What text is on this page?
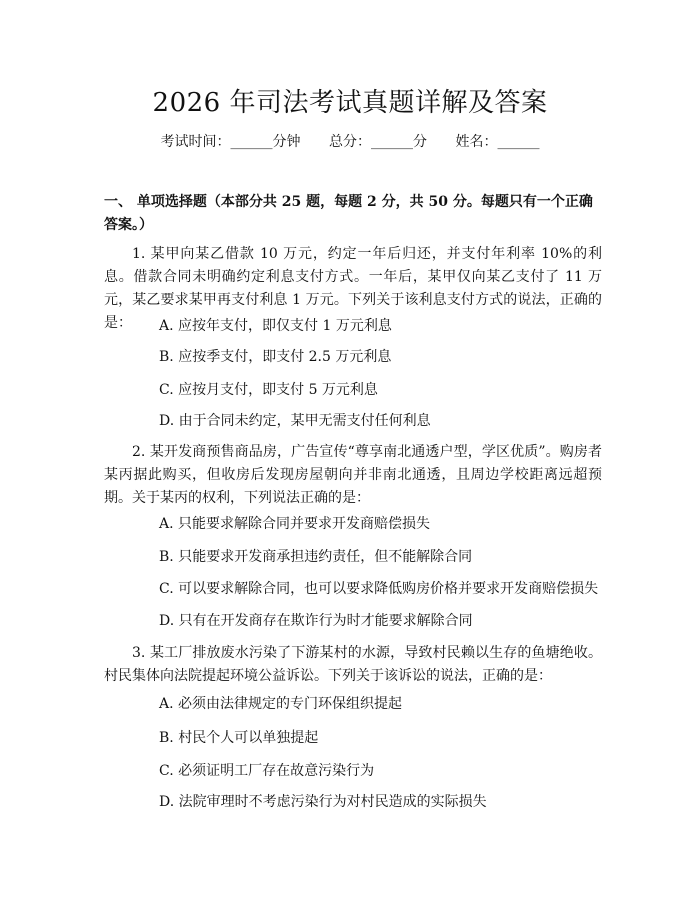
2026 年司法考试真题详解及答案
考试时间：______分钟 总分：______分 姓名：______
一、 单项选择题（本部分共 25 题，每题 2 分，共 50 分。每题只有一个正确答案。）
1. 某甲向某乙借款 10 万元，约定一年后归还，并支付年利率 10%的利息。借款合同未明确约定利息支付方式。一年后，某甲仅向某乙支付了 11 万元，某乙要求某甲再支付利息 1 万元。下列关于该利息支付方式的说法，正确的是：	A. 应按年支付，即仅支付 1 万元利息
B. 应按季支付，即支付 2.5 万元利息
C. 应按月支付，即支付 5 万元利息
D. 由于合同未约定，某甲无需支付任何利息
2. 某开发商预售商品房，广告宣传“尊享南北通透户型，学区优质”。购房者某丙据此购买，但收房后发现房屋朝向并非南北通透，且周边学校距离远超预期。关于某丙的权利，下列说法正确的是：
A. 只能要求解除合同并要求开发商赔偿损失
B. 只能要求开发商承担违约责任，但不能解除合同
C. 可以要求解除合同，也可以要求降低购房价格并要求开发商赔偿损失
D. 只有在开发商存在欺诈行为时才能要求解除合同
3. 某工厂排放废水污染了下游某村的水源，导致村民赖以生存的鱼塘绝收。村民集体向法院提起环境公益诉讼。下列关于该诉讼的说法，正确的是：
A. 必须由法律规定的专门环保组织提起
B. 村民个人可以单独提起
C. 必须证明工厂存在故意污染行为
D. 法院审理时不考虑污染行为对村民造成的实际损失
